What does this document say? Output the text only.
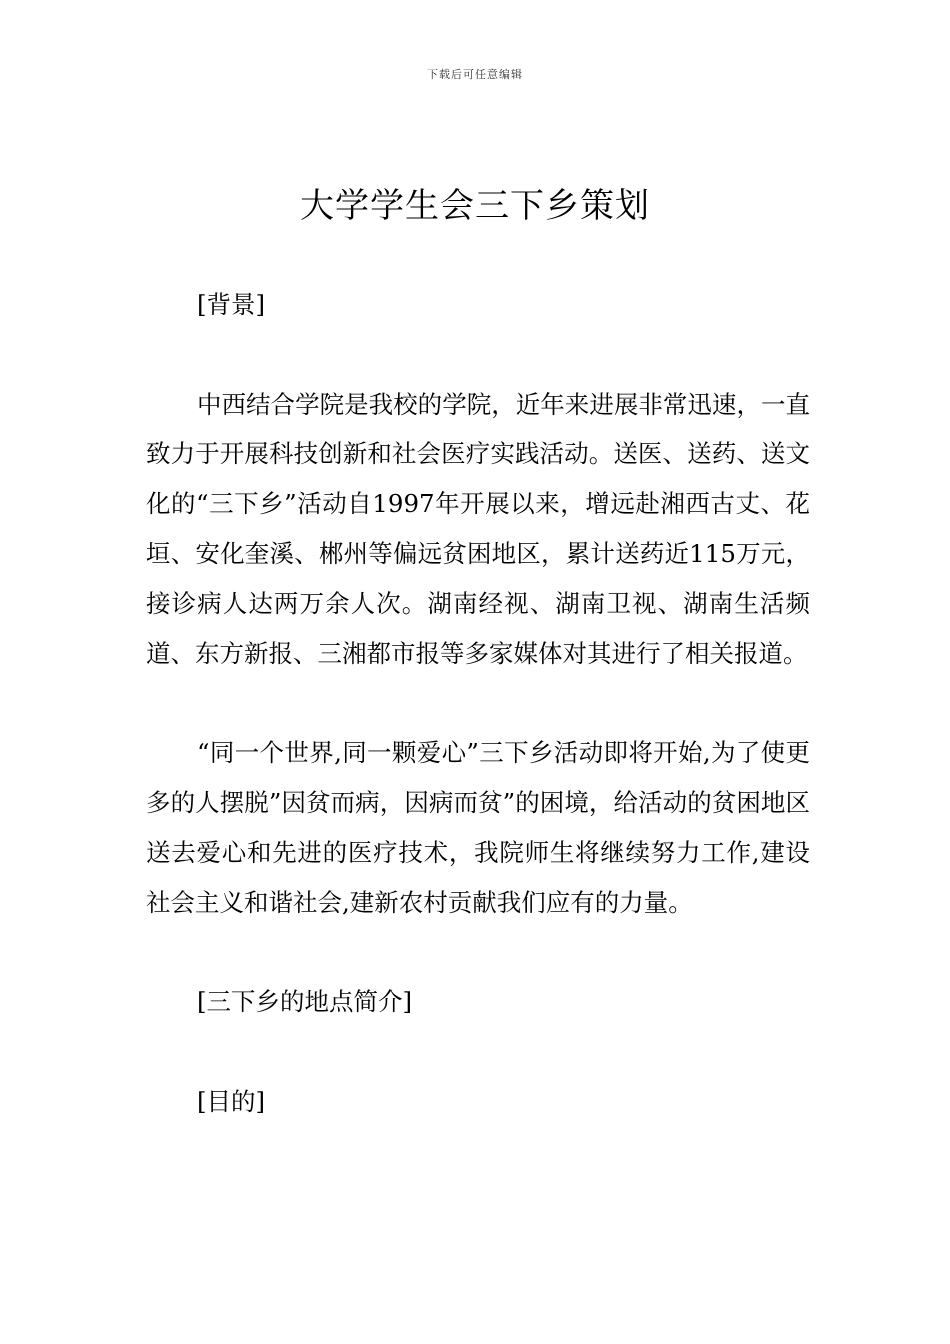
下载后可任意编辑
大学学生会三下乡策划

[背景]

中西结合学院是我校的学院，近年来进展非常迅速，一直致力于开展科技创新和社会医疗实践活动。送医、送药、送文化的“三下乡”活动自1997年开展以来，增远赴湘西古丈、花垣、安化奎溪、郴州等偏远贫困地区，累计送药近115万元，接诊病人达两万余人次。湖南经视、湖南卫视、湖南生活频道、东方新报、三湘都市报等多家媒体对其进行了相关报道。

“同一个世界,同一颗爱心”三下乡活动即将开始,为了使更多的人摆脱”因贫而病，因病而贫”的困境，给活动的贫困地区送去爱心和先进的医疗技术，我院师生将继续努力工作,建设社会主义和谐社会,建新农村贡献我们应有的力量。

[三下乡的地点简介]

[目的]
